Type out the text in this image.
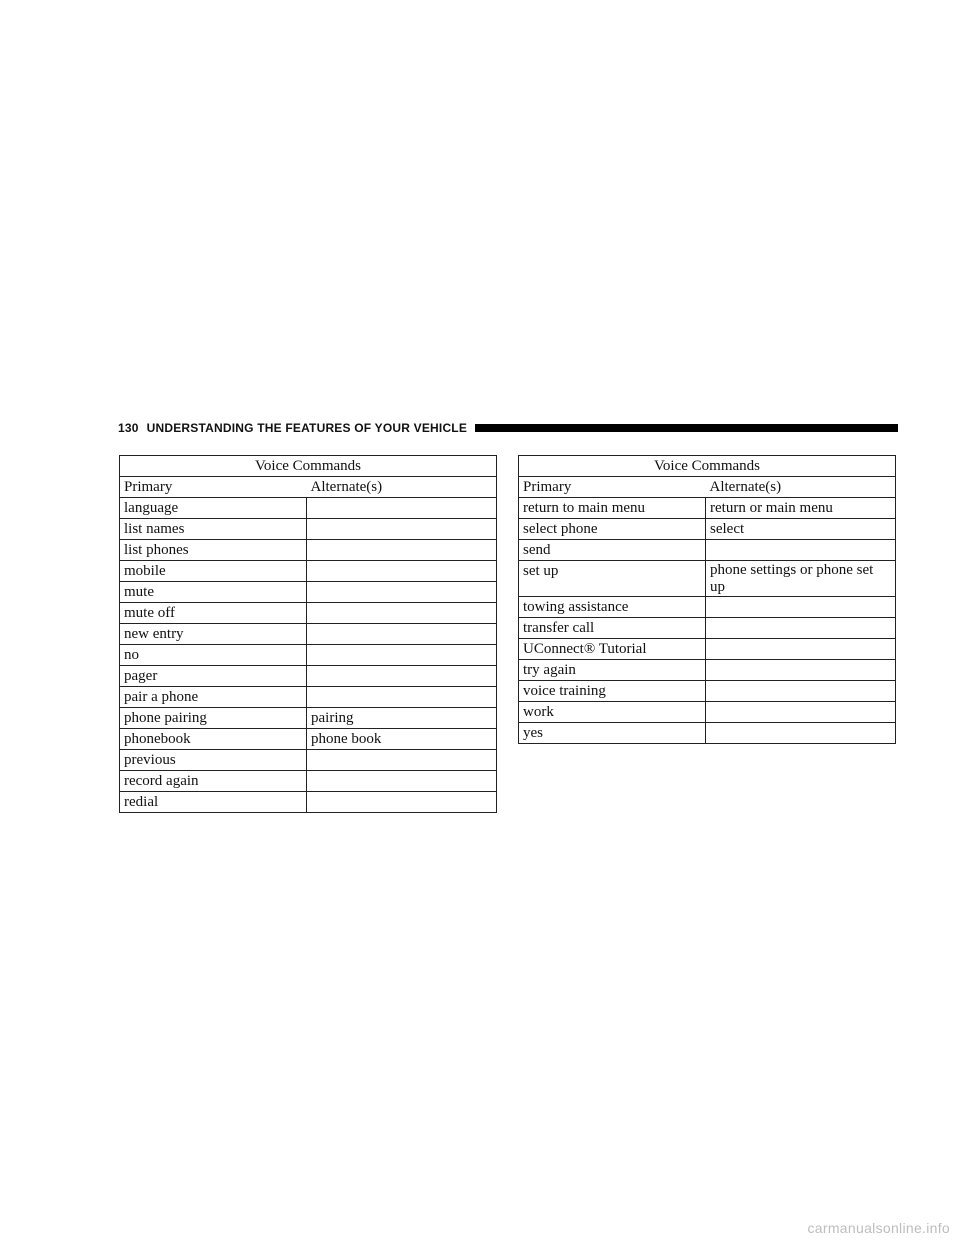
130 UNDERSTANDING THE FEATURES OF YOUR VEHICLE
Voice Commands	
Primary	Alternate(s)
language	
list names	
list phones	
mobile	
mute	
mute off	
new entry	
no	
pager	
pair a phone	
phone pairing	pairing
phonebook	phone book
previous	
record again	
redial	
Voice Commands	
Primary	Alternate(s)
return to main menu	return or main menu
select phone	select
send	
set up	phone settings or phone set up
towing assistance	
transfer call	
UConnect® Tutorial	
try again	
voice training	
work	
yes	
carmanualsonline.info
